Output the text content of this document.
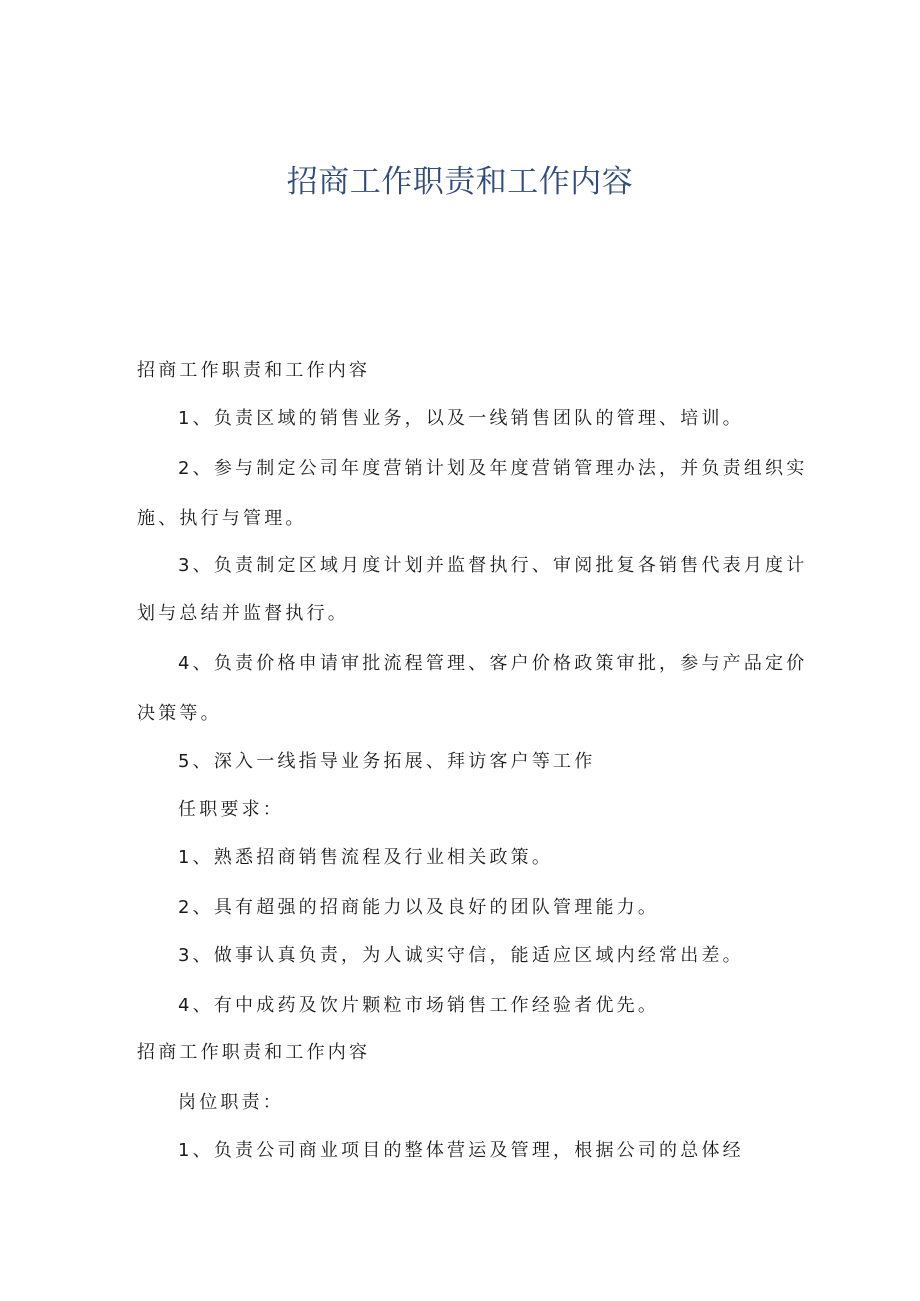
招商工作职责和工作内容
招商工作职责和工作内容
1、负责区域的销售业务，以及一线销售团队的管理、培训。
2、参与制定公司年度营销计划及年度营销管理办法，并负责组织实
施、执行与管理。
3、负责制定区域月度计划并监督执行、审阅批复各销售代表月度计
划与总结并监督执行。
4、负责价格申请审批流程管理、客户价格政策审批，参与产品定价
决策等。
5、深入一线指导业务拓展、拜访客户等工作
任职要求：
1、熟悉招商销售流程及行业相关政策。
2、具有超强的招商能力以及良好的团队管理能力。
3、做事认真负责，为人诚实守信，能适应区域内经常出差。
4、有中成药及饮片颗粒市场销售工作经验者优先。
招商工作职责和工作内容
岗位职责：
1、负责公司商业项目的整体营运及管理，根据公司的总体经
